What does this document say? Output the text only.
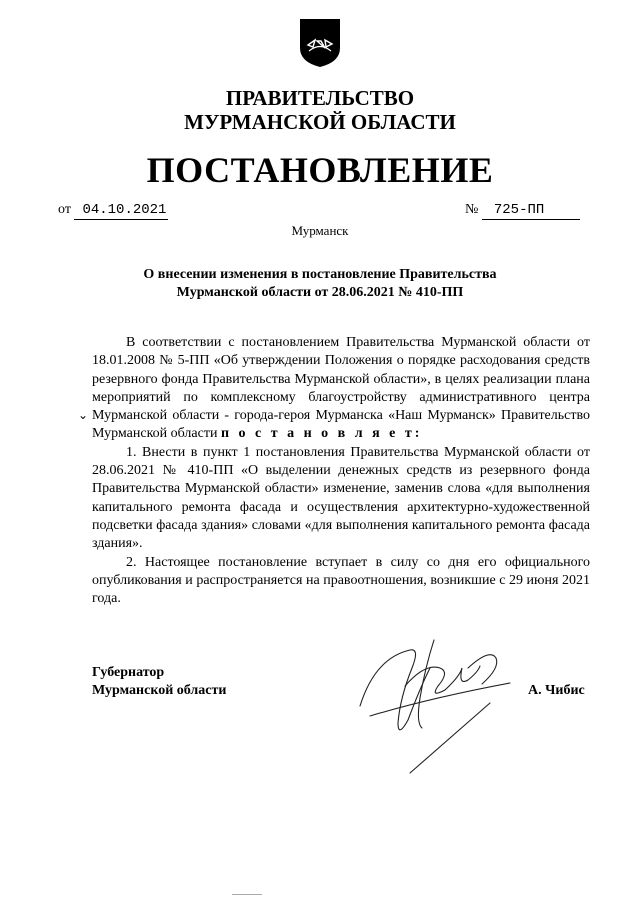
ПРАВИТЕЛЬСТВО
МУРМАНСКОЙ ОБЛАСТИ
ПОСТАНОВЛЕНИЕ
от 04.10.2021	№ 725-ПП
Мурманск
О внесении изменения в постановление Правительства
Мурманской области от 28.06.2021 № 410-ПП
⌄

В соответствии с постановлением Правительства Мурманской области от 18.01.2008 № 5-ПП «Об утверждении Положения о порядке расходования средств резервного фонда Правительства Мурманской области», в целях реализации плана мероприятий по комплексному благоустройству административного центра Мурманской области - города-героя Мурманска «Наш Мурманск» Правительство Мурманской области п о с т а н о в л я е т:

1. Внести в пункт 1 постановления Правительства Мурманской области от 28.06.2021 № 410-ПП «О выделении денежных средств из резервного фонда Правительства Мурманской области» изменение, заменив слова «для выполнения капитального ремонта фасада и осуществления архитектурно-художественной подсветки фасада здания» словами «для выполнения капитального ремонта фасада здания».

2. Настоящее постановление вступает в силу со дня его официального опубликования и распространяется на правоотношения, возникшие с 29 июня 2021 года.

Губернатор
Мурманской области	А. Чибис
